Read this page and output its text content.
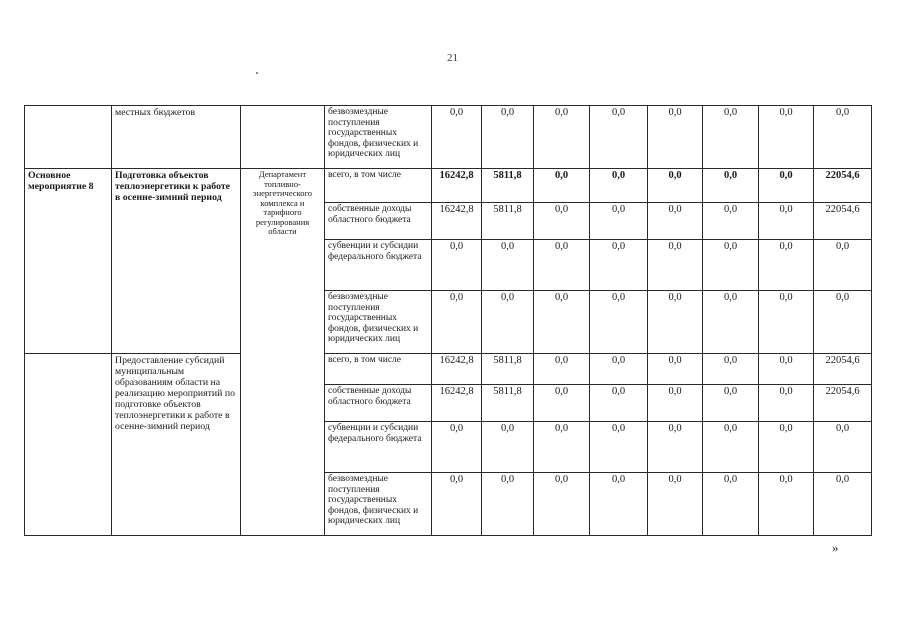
21
	местных бюджетов		безвозмездные поступления государственных фондов, физических и юридических лиц	0,0	0,0	0,0	0,0	0,0	0,0	0,0	0,0
Основное мероприятие 8	Подготовка объектов теплоэнергетики к работе в осенне-зимний период	Департамент топливно-энергетического комплекса и тарифного регулирования области	всего, в том числе	16242,8	5811,8	0,0	0,0	0,0	0,0	0,0	22054,6
			собственные доходы областного бюджета	16242,8	5811,8	0,0	0,0	0,0	0,0	0,0	22054,6
			субвенции и субсидии федерального бюджета	0,0	0,0	0,0	0,0	0,0	0,0	0,0	0,0
			безвозмездные поступления государственных фондов, физических и юридических лиц	0,0	0,0	0,0	0,0	0,0	0,0	0,0	0,0
	Предоставление субсидий муниципальным образованиям области на реализацию мероприятий по подготовке объектов теплоэнергетики к работе в осенне-зимний период		всего, в том числе	16242,8	5811,8	0,0	0,0	0,0	0,0	0,0	22054,6
			собственные доходы областного бюджета	16242,8	5811,8	0,0	0,0	0,0	0,0	0,0	22054,6
			субвенции и субсидии федерального бюджета	0,0	0,0	0,0	0,0	0,0	0,0	0,0	0,0
			безвозмездные поступления государственных фондов, физических и юридических лиц	0,0	0,0	0,0	0,0	0,0	0,0	0,0	0,0
»
